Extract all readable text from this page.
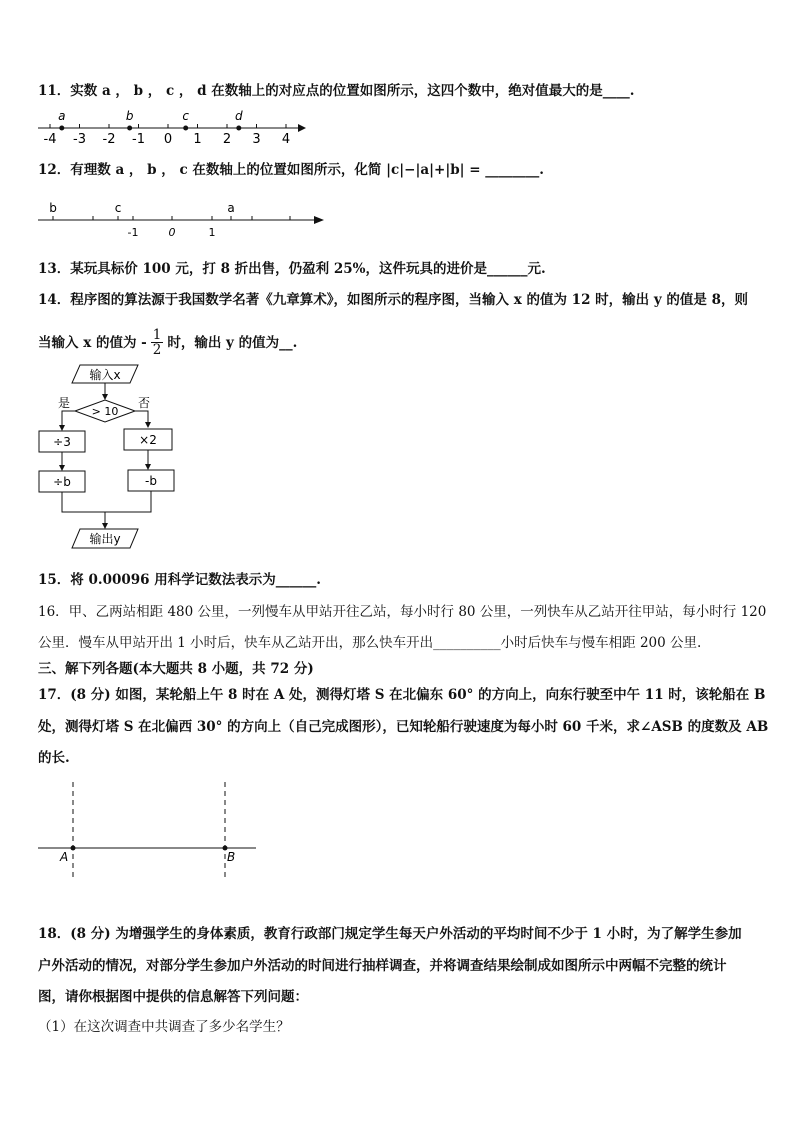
11．实数 a ， b ， c ， d 在数轴上的对应点的位置如图所示，这四个数中，绝对值最大的是____.
-4 -3 -2 -1 0 1 2 3 4
a	b	c	d
12．有理数 a ， b ， c 在数轴上的位置如图所示，化简 |c|−|a|+|b| = ________.
b	c	a
-1	0	1
13．某玩具标价 100 元，打 8 折出售，仍盈利 25%，这件玩具的进价是______元.
14．程序图的算法源于我国数学名著《九章算术》，如图所示的程序图，当输入 x 的值为 12 时，输出 y 的值是 8，则
当输入 x 的值为 - $\frac{1}{2}$ 时，输出 y 的值为__.
输入x
> 10
是	否
÷3
÷b
×2
-b
输出y
15．将 0.00096 用科学记数法表示为______.
16．甲、乙两站相距 480 公里，一列慢车从甲站开往乙站，每小时行 80 公里，一列快车从乙站开往甲站，每小时行 120
公里．慢车从甲站开出 1 小时后，快车从乙站开出，那么快车开出__________小时后快车与慢车相距 200 公里.
三、解下列各题(本大题共 8 小题，共 72 分)
17．(8 分) 如图，某轮船上午 8 时在 A 处，测得灯塔 S 在北偏东 60° 的方向上，向东行驶至中午 11 时，该轮船在 B
处，测得灯塔 S 在北偏西 30° 的方向上（自己完成图形），已知轮船行驶速度为每小时 60 千米，求∠ASB 的度数及 AB
的长.
A	B
18．(8 分) 为增强学生的身体素质，教育行政部门规定学生每天户外活动的平均时间不少于 1 小时，为了解学生参加
户外活动的情况，对部分学生参加户外活动的时间进行抽样调查，并将调查结果绘制成如图所示中两幅不完整的统计
图，请你根据图中提供的信息解答下列问题：
（1）在这次调查中共调查了多少名学生？
